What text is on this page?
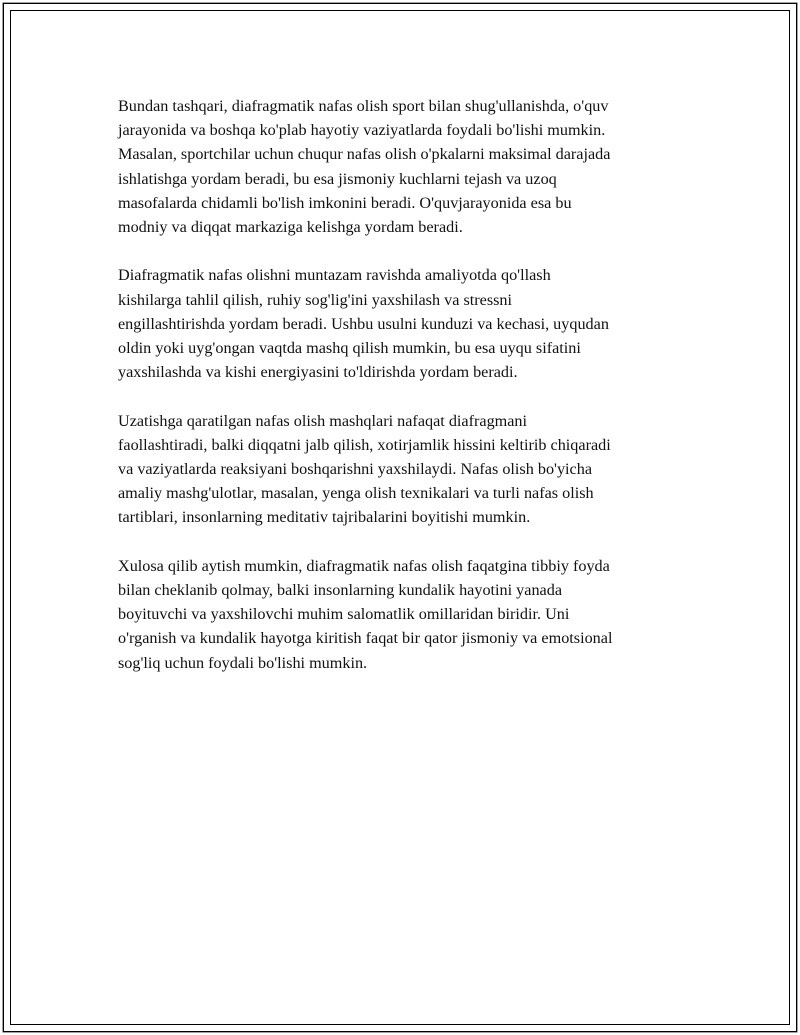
Bundan tashqari, diafragmatik nafas olish sport bilan shug'ullanishda, o'quv
jarayonida va boshqa ko'plab hayotiy vaziyatlarda foydali bo'lishi mumkin.
Masalan, sportchilar uchun chuqur nafas olish o'pkalarni maksimal darajada
ishlatishga yordam beradi, bu esa jismoniy kuchlarni tejash va uzoq
masofalarda chidamli bo'lish imkonini beradi. O'quvjarayonida esa bu
modniy va diqqat markaziga kelishga yordam beradi.

Diafragmatik nafas olishni muntazam ravishda amaliyotda qo'llash
kishilarga tahlil qilish, ruhiy sog'lig'ini yaxshilash va stressni
engillashtirishda yordam beradi. Ushbu usulni kunduzi va kechasi, uyqudan
oldin yoki uyg'ongan vaqtda mashq qilish mumkin, bu esa uyqu sifatini
yaxshilashda va kishi energiyasini to'ldirishda yordam beradi.

Uzatishga qaratilgan nafas olish mashqlari nafaqat diafragmani
faollashtiradi, balki diqqatni jalb qilish, xotirjamlik hissini keltirib chiqaradi
va vaziyatlarda reaksiyani boshqarishni yaxshilaydi. Nafas olish bo'yicha
amaliy mashg'ulotlar, masalan, yenga olish texnikalari va turli nafas olish
tartiblari, insonlarning meditativ tajribalarini boyitishi mumkin.

Xulosa qilib aytish mumkin, diafragmatik nafas olish faqatgina tibbiy foyda
bilan cheklanib qolmay, balki insonlarning kundalik hayotini yanada
boyituvchi va yaxshilovchi muhim salomatlik omillaridan biridir. Uni
o'rganish va kundalik hayotga kiritish faqat bir qator jismoniy va emotsional
sog'liq uchun foydali bo'lishi mumkin.
